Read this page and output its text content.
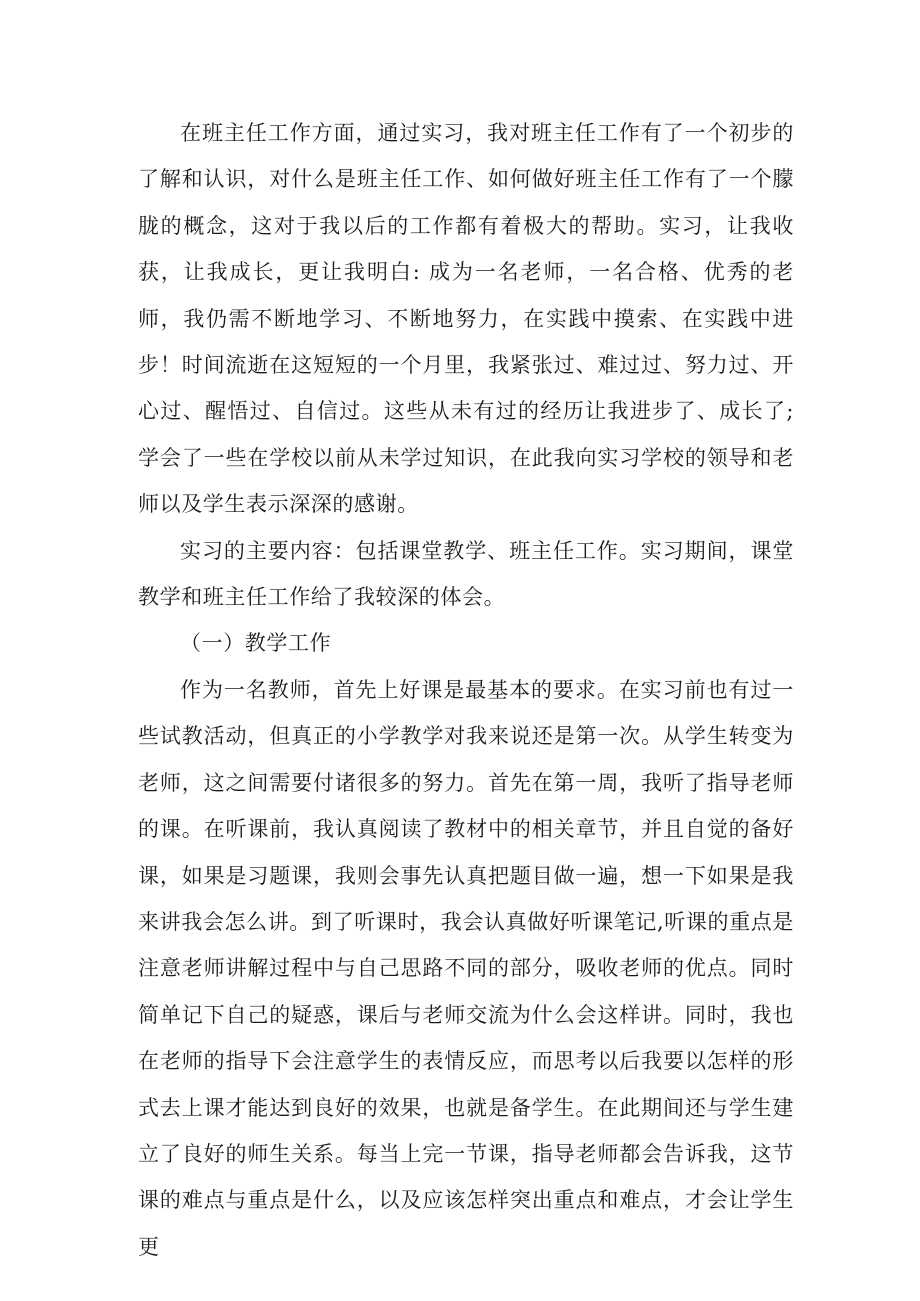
在班主任工作方面，通过实习，我对班主任工作有了一个初步的了解和认识，对什么是班主任工作、如何做好班主任工作有了一个朦胧的概念，这对于我以后的工作都有着极大的帮助。实习，让我收获，让我成长，更让我明白: 成为一名老师，一名合格、优秀的老师，我仍需不断地学习、不断地努力，在实践中摸索、在实践中进步！时间流逝在这短短的一个月里，我紧张过、难过过、努力过、开心过、醒悟过、自信过。这些从未有过的经历让我进步了、成长了; 学会了一些在学校以前从未学过知识，在此我向实习学校的领导和老师以及学生表示深深的感谢。

实习的主要内容：包括课堂教学、班主任工作。实习期间，课堂教学和班主任工作给了我较深的体会。

（一）教学工作

作为一名教师，首先上好课是最基本的要求。在实习前也有过一些试教活动，但真正的小学教学对我来说还是第一次。从学生转变为老师，这之间需要付诸很多的努力。首先在第一周，我听了指导老师的课。在听课前，我认真阅读了教材中的相关章节，并且自觉的备好课，如果是习题课，我则会事先认真把题目做一遍，想一下如果是我来讲我会怎么讲。到了听课时，我会认真做好听课笔记,听课的重点是注意老师讲解过程中与自己思路不同的部分，吸收老师的优点。同时简单记下自己的疑惑，课后与老师交流为什么会这样讲。同时，我也在老师的指导下会注意学生的表情反应，而思考以后我要以怎样的形式去上课才能达到良好的效果，也就是备学生。在此期间还与学生建立了良好的师生关系。每当上完一节课，指导老师都会告诉我，这节课的难点与重点是什么，以及应该怎样突出重点和难点，才会让学生更
